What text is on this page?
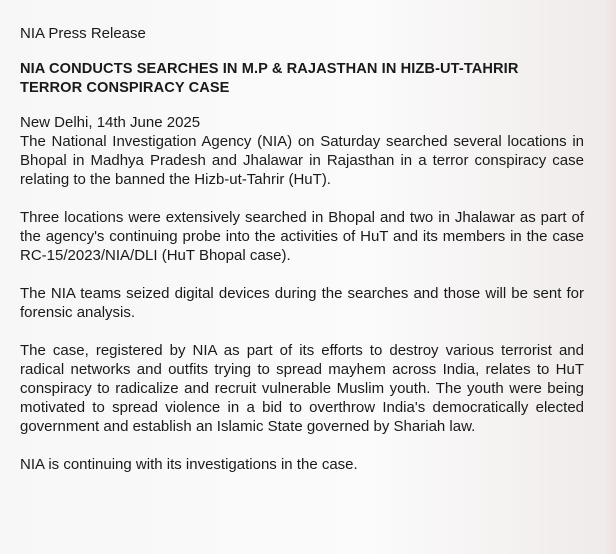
NIA Press Release

NIA CONDUCTS SEARCHES IN M.P & RAJASTHAN IN HIZB-UT-TAHRIR TERROR CONSPIRACY CASE

New Delhi, 14th June 2025

The National Investigation Agency (NIA) on Saturday searched several locations in Bhopal in Madhya Pradesh and Jhalawar in Rajasthan in a terror conspiracy case relating to the banned the Hizb-ut-Tahrir (HuT).

Three locations were extensively searched in Bhopal and two in Jhalawar as part of the agency's continuing probe into the activities of HuT and its members in the case RC-15/2023/NIA/DLI (HuT Bhopal case).

The NIA teams seized digital devices during the searches and those will be sent for forensic analysis.

The case, registered by NIA as part of its efforts to destroy various terrorist and radical networks and outfits trying to spread mayhem across India, relates to HuT conspiracy to radicalize and recruit vulnerable Muslim youth. The youth were being motivated to spread violence in a bid to overthrow India's democratically elected government and establish an Islamic State governed by Shariah law.

NIA is continuing with its investigations in the case.
